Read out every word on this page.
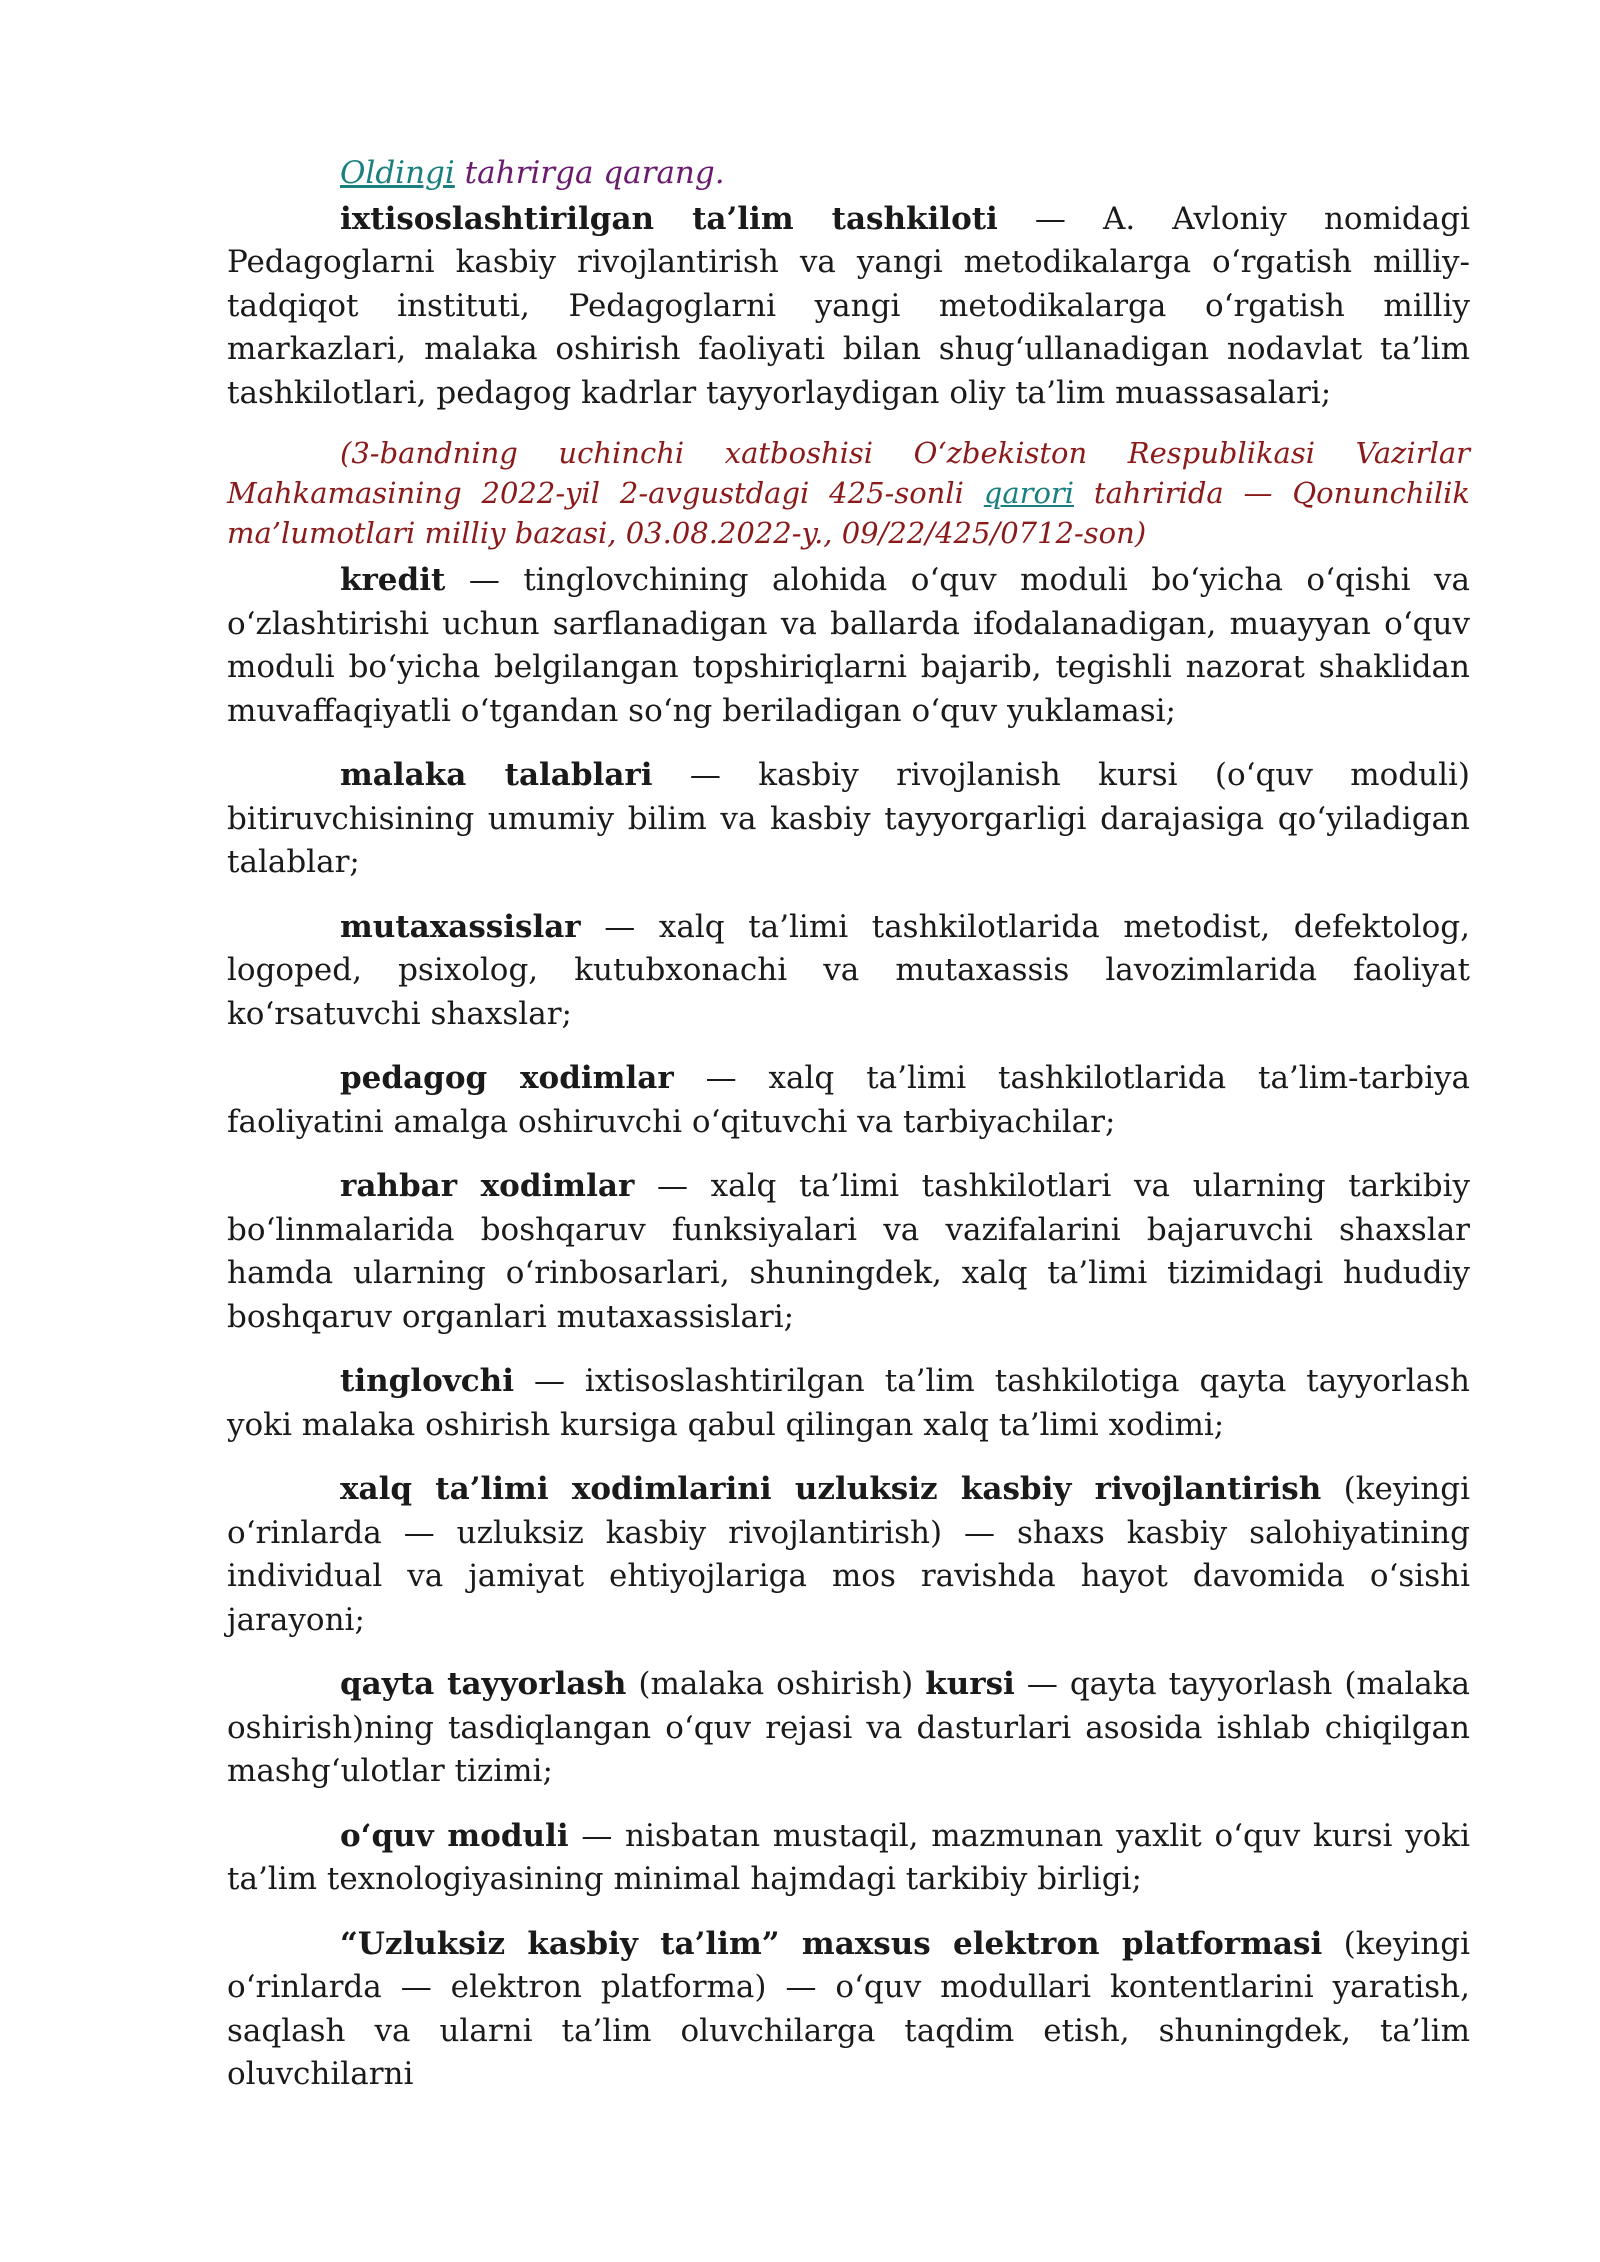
Oldingi tahrirga qarang.

ixtisoslashtirilgan ta’lim tashkiloti — A. Avloniy nomidagi Pedagoglarni kasbiy rivojlantirish va yangi metodikalarga o‘rgatish milliy-tadqiqot instituti, Pedagoglarni yangi metodikalarga o‘rgatish milliy markazlari, malaka oshirish faoliyati bilan shug‘ullanadigan nodavlat ta’lim tashkilotlari, pedagog kadrlar tayyorlaydigan oliy ta’lim muassasalari;

(3-bandning uchinchi xatboshisi O‘zbekiston Respublikasi Vazirlar Mahkamasining 2022-yil 2-avgustdagi 425-sonli qarori tahririda — Qonunchilik ma’lumotlari milliy bazasi, 03.08.2022-y., 09/22/425/0712-son)

kredit — tinglovchining alohida o‘quv moduli bo‘yicha o‘qishi va o‘zlashtirishi uchun sarflanadigan va ballarda ifodalanadigan, muayyan o‘quv moduli bo‘yicha belgilangan topshiriqlarni bajarib, tegishli nazorat shaklidan muvaffaqiyatli o‘tgandan so‘ng beriladigan o‘quv yuklamasi;

malaka talablari — kasbiy rivojlanish kursi (o‘quv moduli) bitiruvchisining umumiy bilim va kasbiy tayyorgarligi darajasiga qo‘yiladigan talablar;

mutaxassislar — xalq ta’limi tashkilotlarida metodist, defektolog, logoped, psixolog, kutubxonachi va mutaxassis lavozimlarida faoliyat ko‘rsatuvchi shaxslar;

pedagog xodimlar — xalq ta’limi tashkilotlarida ta’lim-tarbiya faoliyatini amalga oshiruvchi o‘qituvchi va tarbiyachilar;

rahbar xodimlar — xalq ta’limi tashkilotlari va ularning tarkibiy bo‘linmalarida boshqaruv funksiyalari va vazifalarini bajaruvchi shaxslar hamda ularning o‘rinbosarlari, shuningdek, xalq ta’limi tizimidagi hududiy boshqaruv organlari mutaxassislari;

tinglovchi — ixtisoslashtirilgan ta’lim tashkilotiga qayta tayyorlash yoki malaka oshirish kursiga qabul qilingan xalq ta’limi xodimi;

xalq ta’limi xodimlarini uzluksiz kasbiy rivojlantirish (keyingi o‘rinlarda — uzluksiz kasbiy rivojlantirish) — shaxs kasbiy salohiyatining individual va jamiyat ehtiyojlariga mos ravishda hayot davomida o‘sishi jarayoni;

qayta tayyorlash (malaka oshirish) kursi — qayta tayyorlash (malaka oshirish)ning tasdiqlangan o‘quv rejasi va dasturlari asosida ishlab chiqilgan mashg‘ulotlar tizimi;

o‘quv moduli — nisbatan mustaqil, mazmunan yaxlit o‘quv kursi yoki ta’lim texnologiyasining minimal hajmdagi tarkibiy birligi;

“Uzluksiz kasbiy ta’lim” maxsus elektron platformasi (keyingi o‘rinlarda — elektron platforma) — o‘quv modullari kontentlarini yaratish, saqlash va ularni ta’lim oluvchilarga taqdim etish, shuningdek, ta’lim oluvchilarni
